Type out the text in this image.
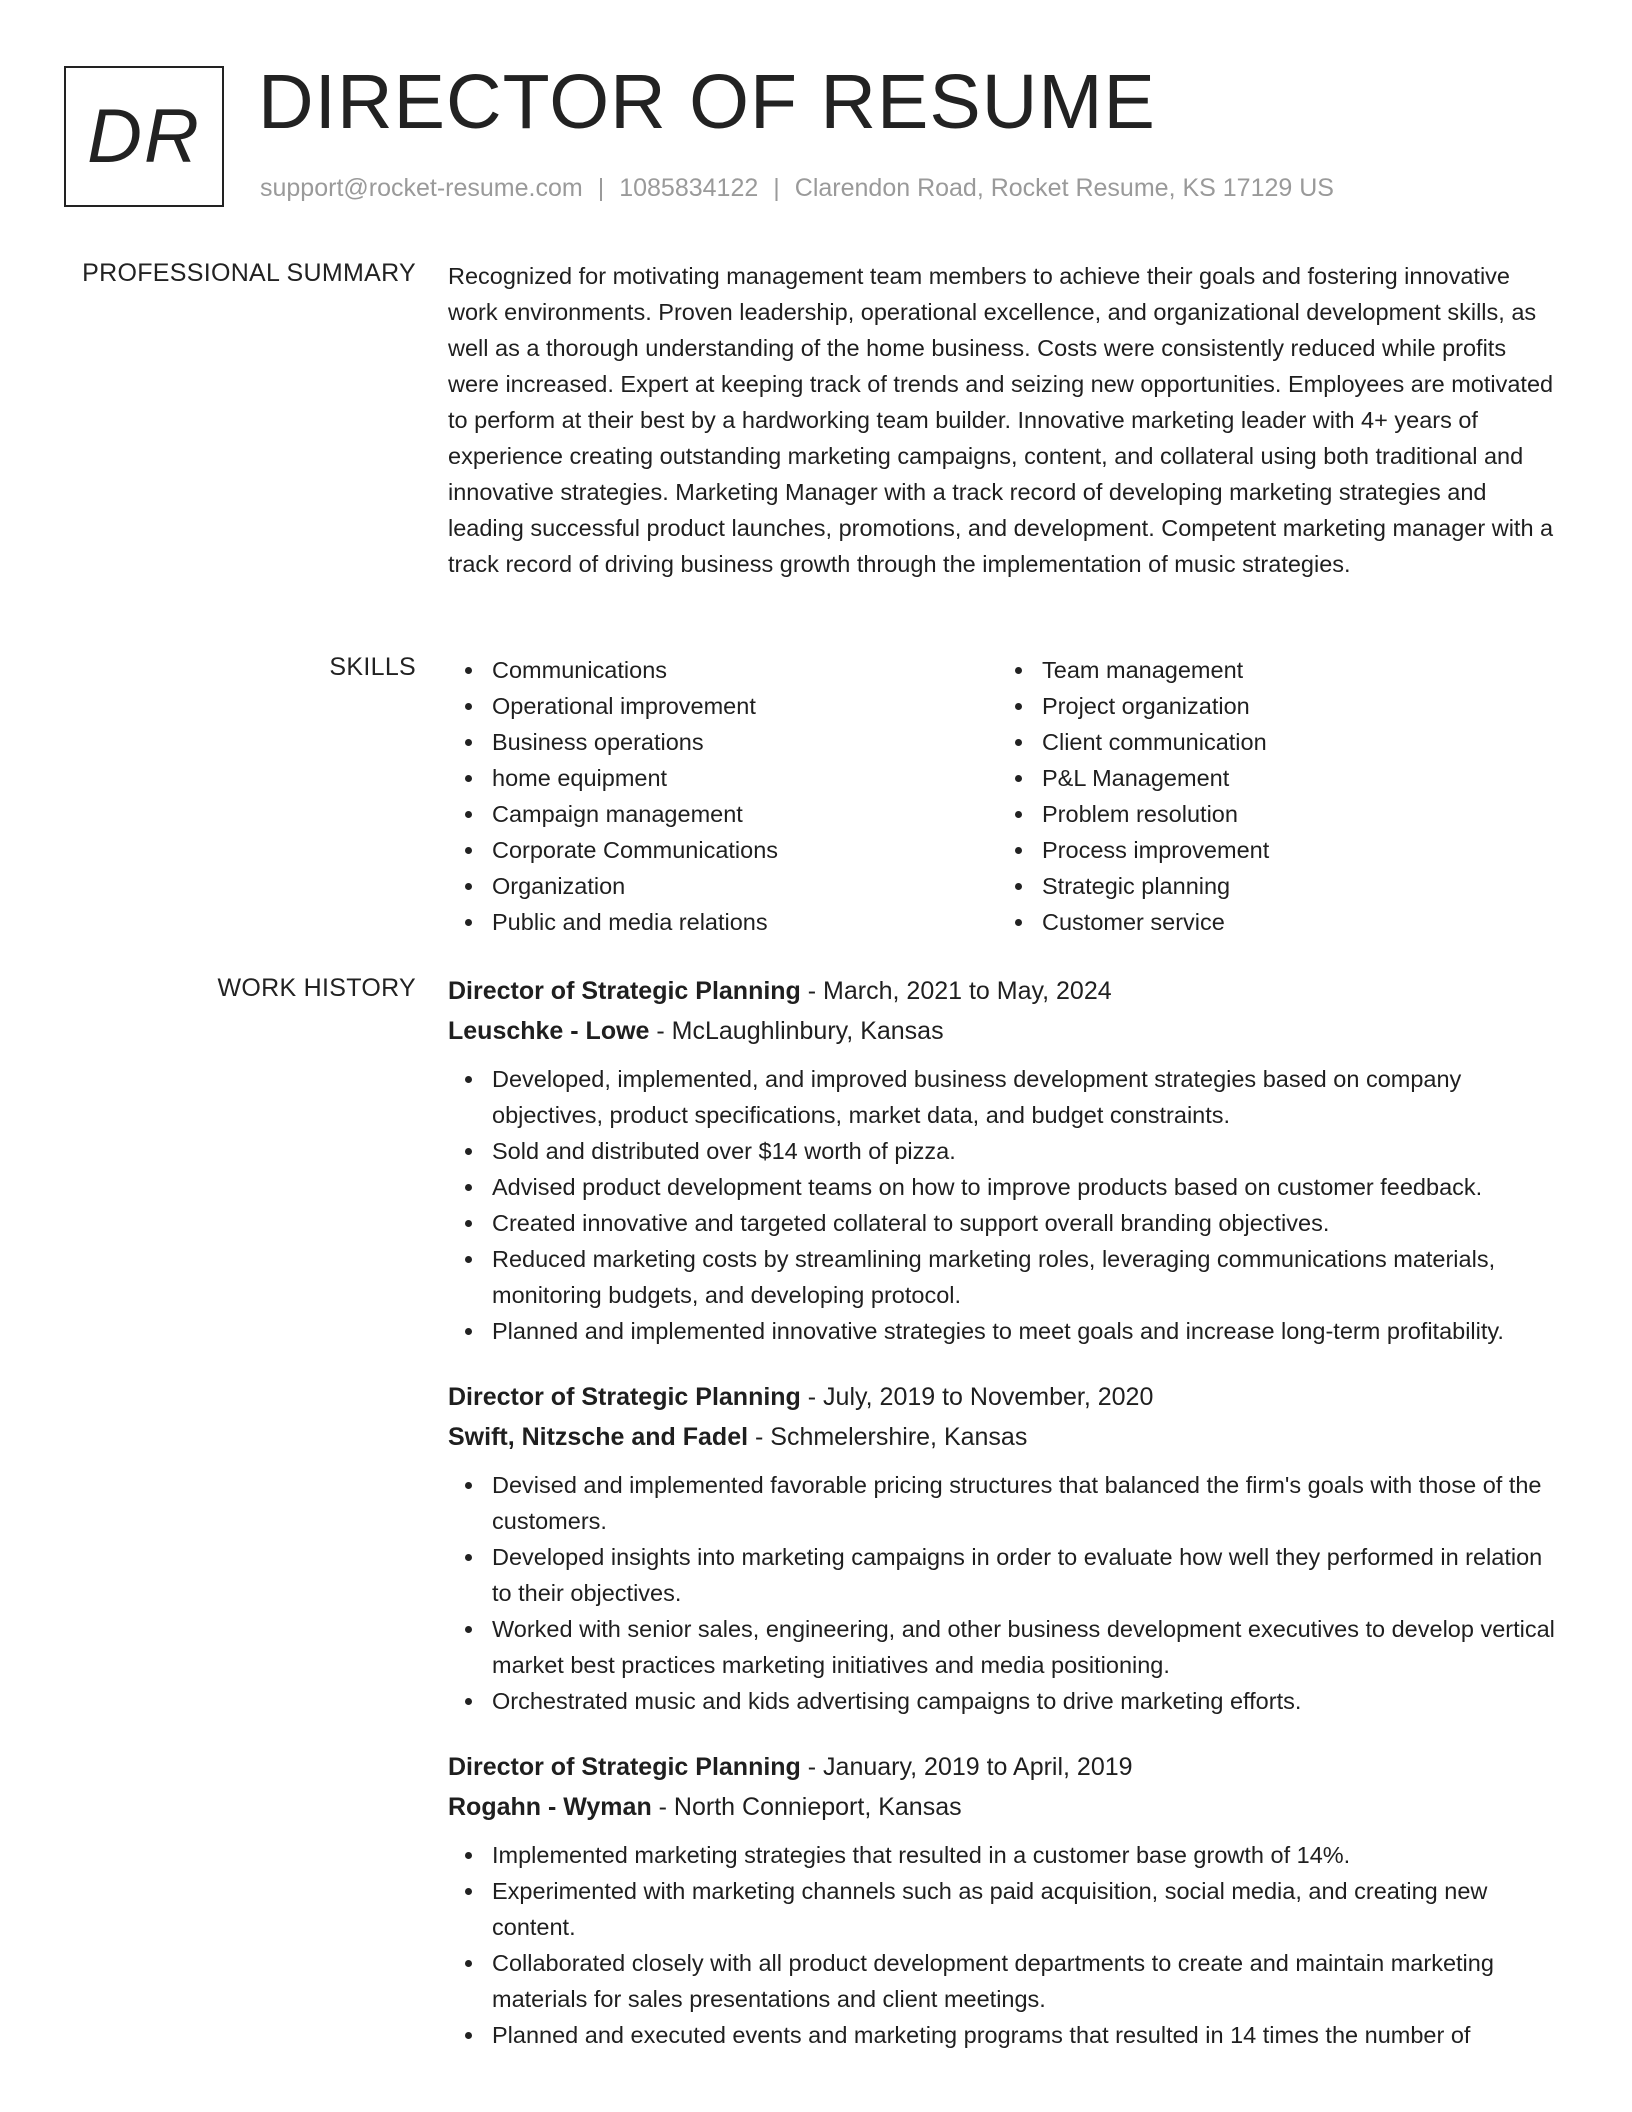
DR DIRECTOR OF RESUME
support@rocket-resume.com | 1085834122 | Clarendon Road, Rocket Resume, KS 17129 US
PROFESSIONAL SUMMARY Recognized for motivating management team members to achieve their goals and fostering innovative work environments. Proven leadership, operational excellence, and organizational development skills, as well as a thorough understanding of the home business. Costs were consistently reduced while profits were increased. Expert at keeping track of trends and seizing new opportunities. Employees are motivated to perform at their best by a hardworking team builder. Innovative marketing leader with 4+ years of experience creating outstanding marketing campaigns, content, and collateral using both traditional and innovative strategies. Marketing Manager with a track record of developing marketing strategies and leading successful product launches, promotions, and development. Competent marketing manager with a track record of driving business growth through the implementation of music strategies.

SKILLS	Communications
Operational improvement
Business operations
home equipment
Campaign management
Corporate Communications
Organization
Public and media relations
Team management
Project organization
Client communication
P&L Management
Problem resolution
Process improvement
Strategic planning
Customer service
WORK HISTORY Director of Strategic Planning - March, 2021 to May, 2024
Leuschke - Lowe - McLaughlinbury, Kansas
Developed, implemented, and improved business development strategies based on company objectives, product specifications, market data, and budget constraints.
Sold and distributed over $14 worth of pizza.
Advised product development teams on how to improve products based on customer feedback.
Created innovative and targeted collateral to support overall branding objectives.
Reduced marketing costs by streamlining marketing roles, leveraging communications materials, monitoring budgets, and developing protocol.
Planned and implemented innovative strategies to meet goals and increase long-term profitability.
Director of Strategic Planning - July, 2019 to November, 2020
Swift, Nitzsche and Fadel - Schmelershire, Kansas
Devised and implemented favorable pricing structures that balanced the firm's goals with those of the customers.
Developed insights into marketing campaigns in order to evaluate how well they performed in relation to their objectives.
Worked with senior sales, engineering, and other business development executives to develop vertical market best practices marketing initiatives and media positioning.
Orchestrated music and kids advertising campaigns to drive marketing efforts.
Director of Strategic Planning - January, 2019 to April, 2019
Rogahn - Wyman - North Connieport, Kansas
Implemented marketing strategies that resulted in a customer base growth of 14%.
Experimented with marketing channels such as paid acquisition, social media, and creating new content.
Collaborated closely with all product development departments to create and maintain marketing materials for sales presentations and client meetings.
Planned and executed events and marketing programs that resulted in 14 times the number of
